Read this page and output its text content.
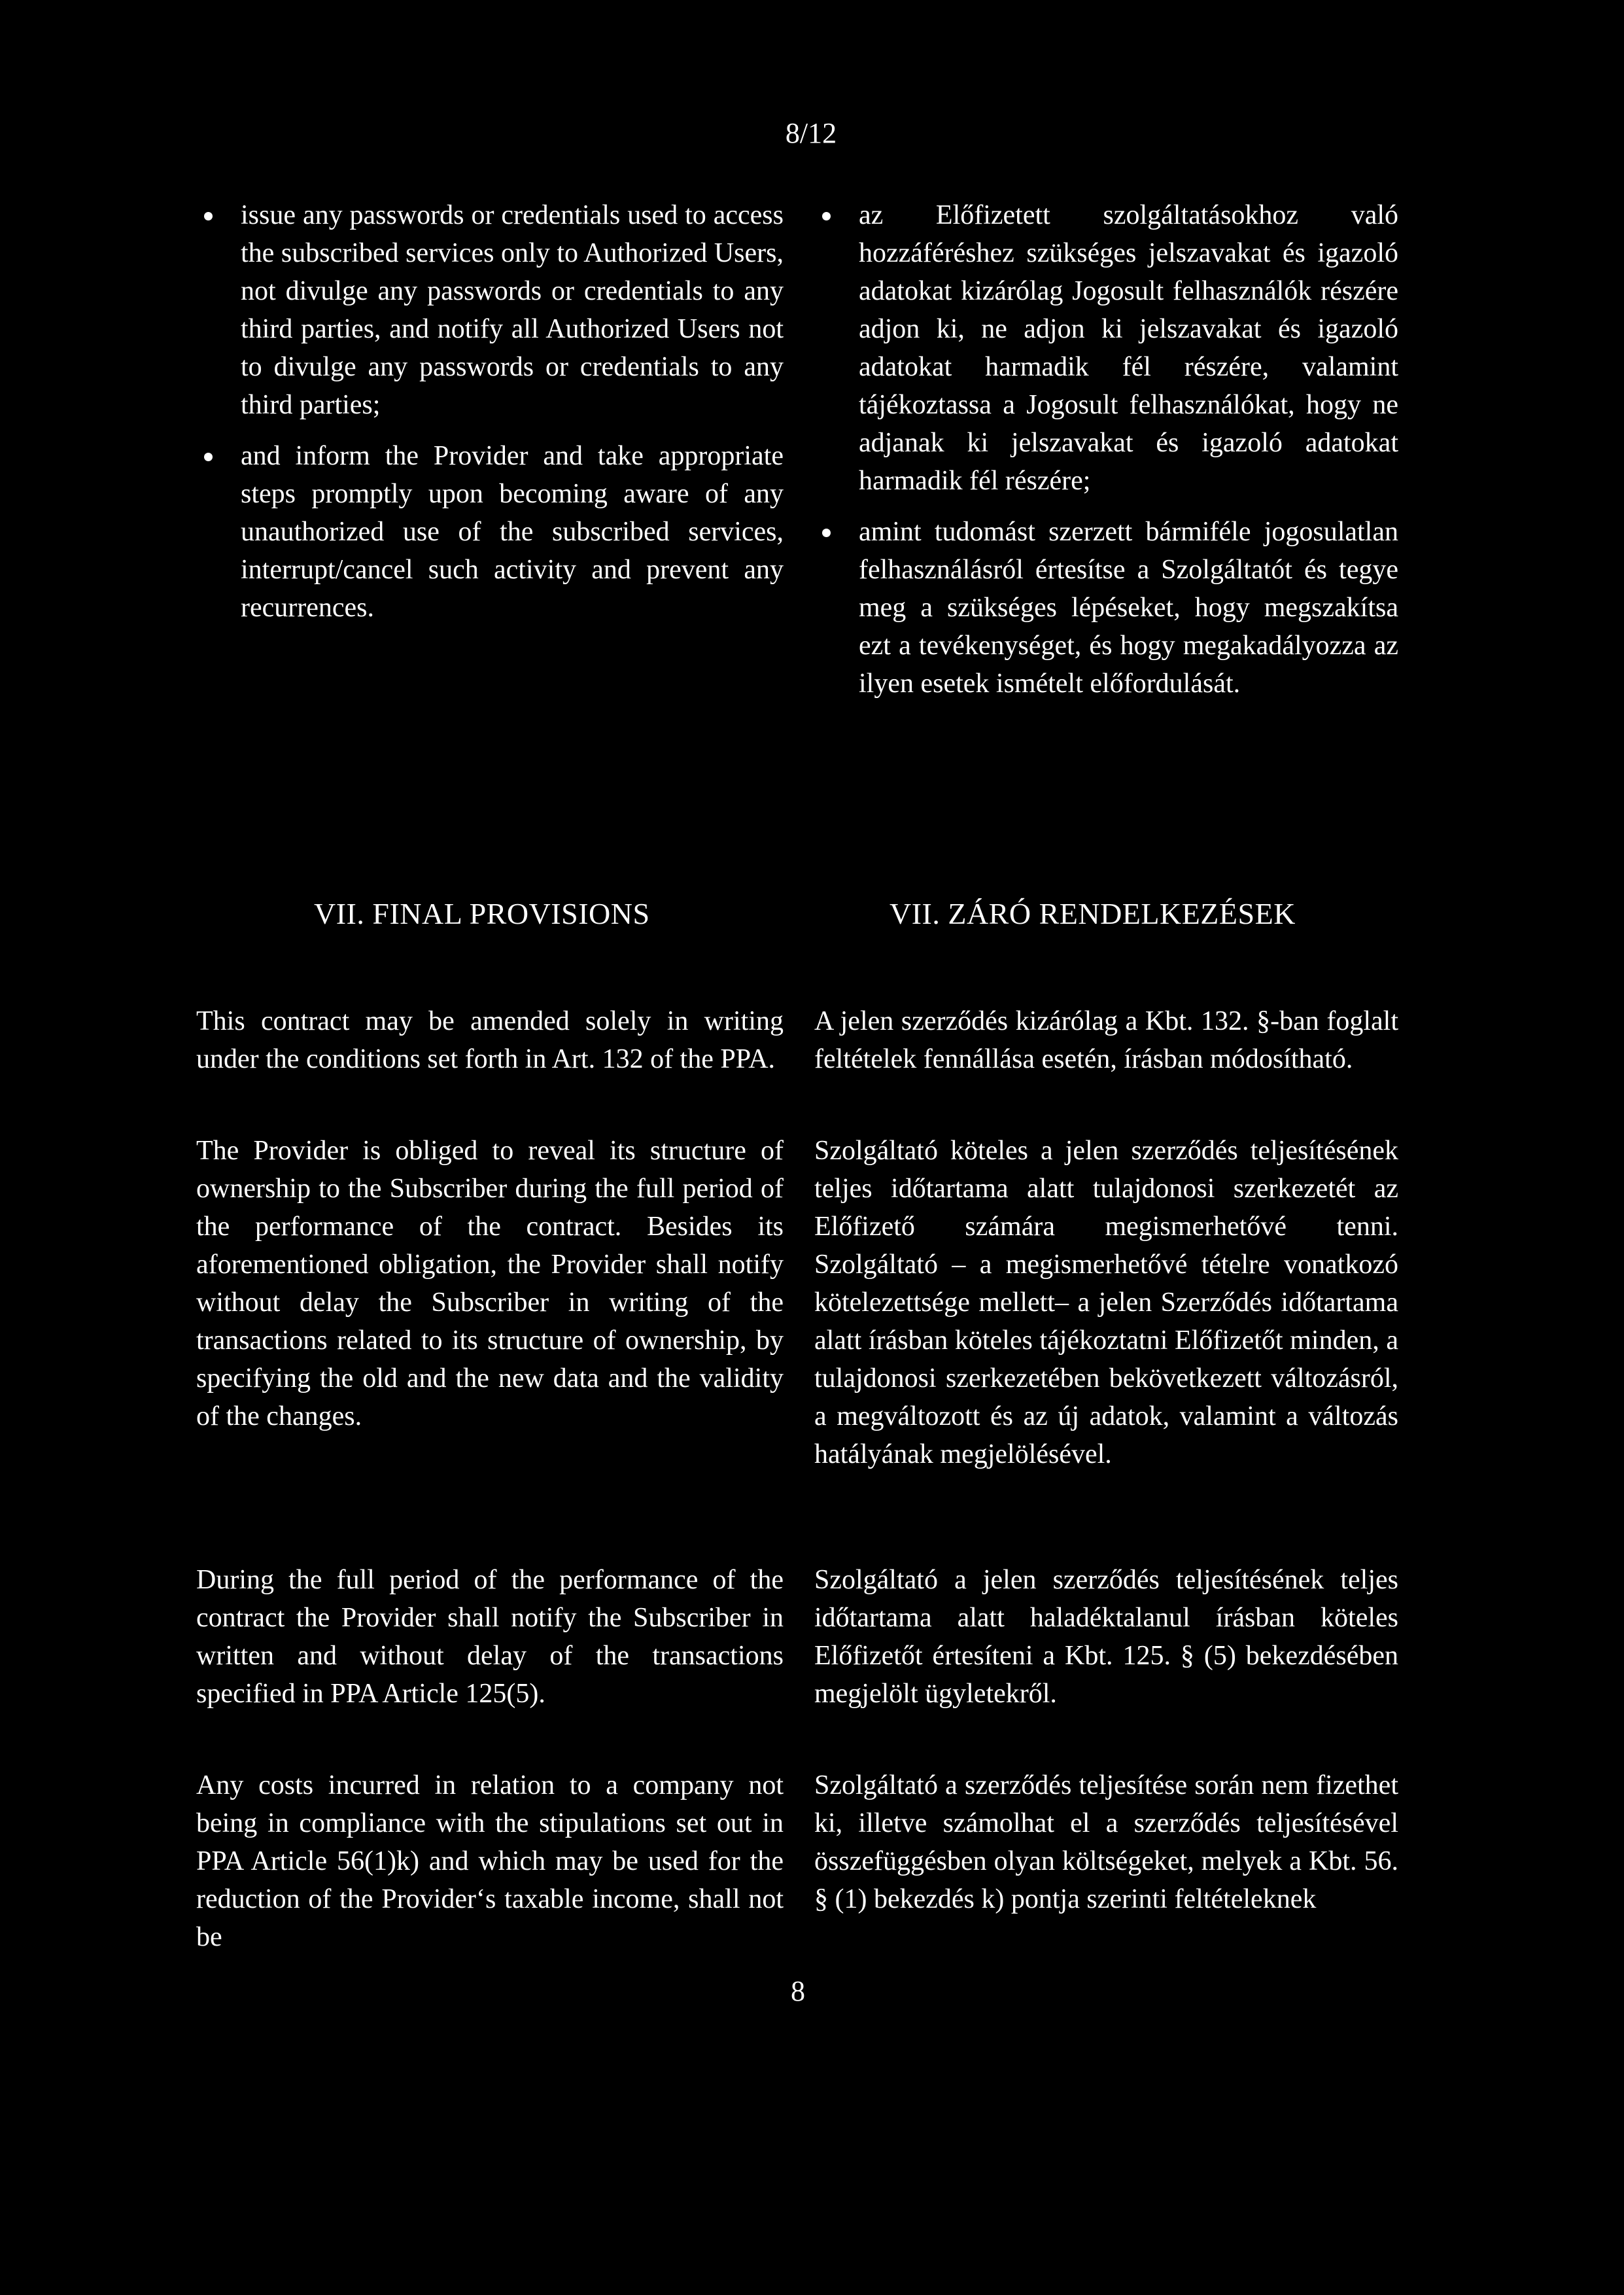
8/12
issue any passwords or credentials used to access the subscribed services only to Authorized Users, not divulge any passwords or credentials to any third parties, and notify all Authorized Users not to divulge any passwords or credentials to any third parties;
and inform the Provider and take appropriate steps promptly upon becoming aware of any unauthorized use of the subscribed services, interrupt/cancel such activity and prevent any recurrences.
az Előfizetett szolgáltatásokhoz való hozzáféréshez szükséges jelszavakat és igazoló adatokat kizárólag Jogosult felhasználók részére adjon ki, ne adjon ki jelszavakat és igazoló adatokat harmadik fél részére, valamint tájékoztassa a Jogosult felhasználókat, hogy ne adjanak ki jelszavakat és igazoló adatokat harmadik fél részére;
amint tudomást szerzett bármiféle jogosulatlan felhasználásról értesítse a Szolgáltatót és tegye meg a szükséges lépéseket, hogy megszakítsa ezt a tevékenységet, és hogy megakadályozza az ilyen esetek ismételt előfordulását.
VII. FINAL PROVISIONS	VII. ZÁRÓ RENDELKEZÉSEK

This contract may be amended solely in writing under the conditions set forth in Art. 132 of the PPA.

A jelen szerződés kizárólag a Kbt. 132. §-ban foglalt feltételek fennállása esetén, írásban módosítható.

The Provider is obliged to reveal its structure of ownership to the Subscriber during the full period of the performance of the contract. Besides its aforementioned obligation, the Provider shall notify without delay the Subscriber in writing of the transactions related to its structure of ownership, by specifying the old and the new data and the validity of the changes.

Szolgáltató köteles a jelen szerződés teljesítésének teljes időtartama alatt tulajdonosi szerkezetét az Előfizető számára megismerhetővé tenni. Szolgáltató – a megismerhetővé tételre vonatkozó kötelezettsége mellett– a jelen Szerződés időtartama alatt írásban köteles tájékoztatni Előfizetőt minden, a tulajdonosi szerkezetében bekövetkezett változásról, a megváltozott és az új adatok, valamint a változás hatályának megjelölésével.

During the full period of the performance of the contract the Provider shall notify the Subscriber in written and without delay of the transactions specified in PPA Article 125(5).

Szolgáltató a jelen szerződés teljesítésének teljes időtartama alatt haladéktalanul írásban köteles Előfizetőt értesíteni a Kbt. 125. § (5) bekezdésében megjelölt ügyletekről.

Any costs incurred in relation to a company not being in compliance with the stipulations set out in PPA Article 56(1)k) and which may be used for the reduction of the Provider‘s taxable income, shall not be

Szolgáltató a szerződés teljesítése során nem fizethet ki, illetve számolhat el a szerződés teljesítésével összefüggésben olyan költségeket, melyek a Kbt. 56. § (1) bekezdés k) pontja szerinti feltételeknek

8
